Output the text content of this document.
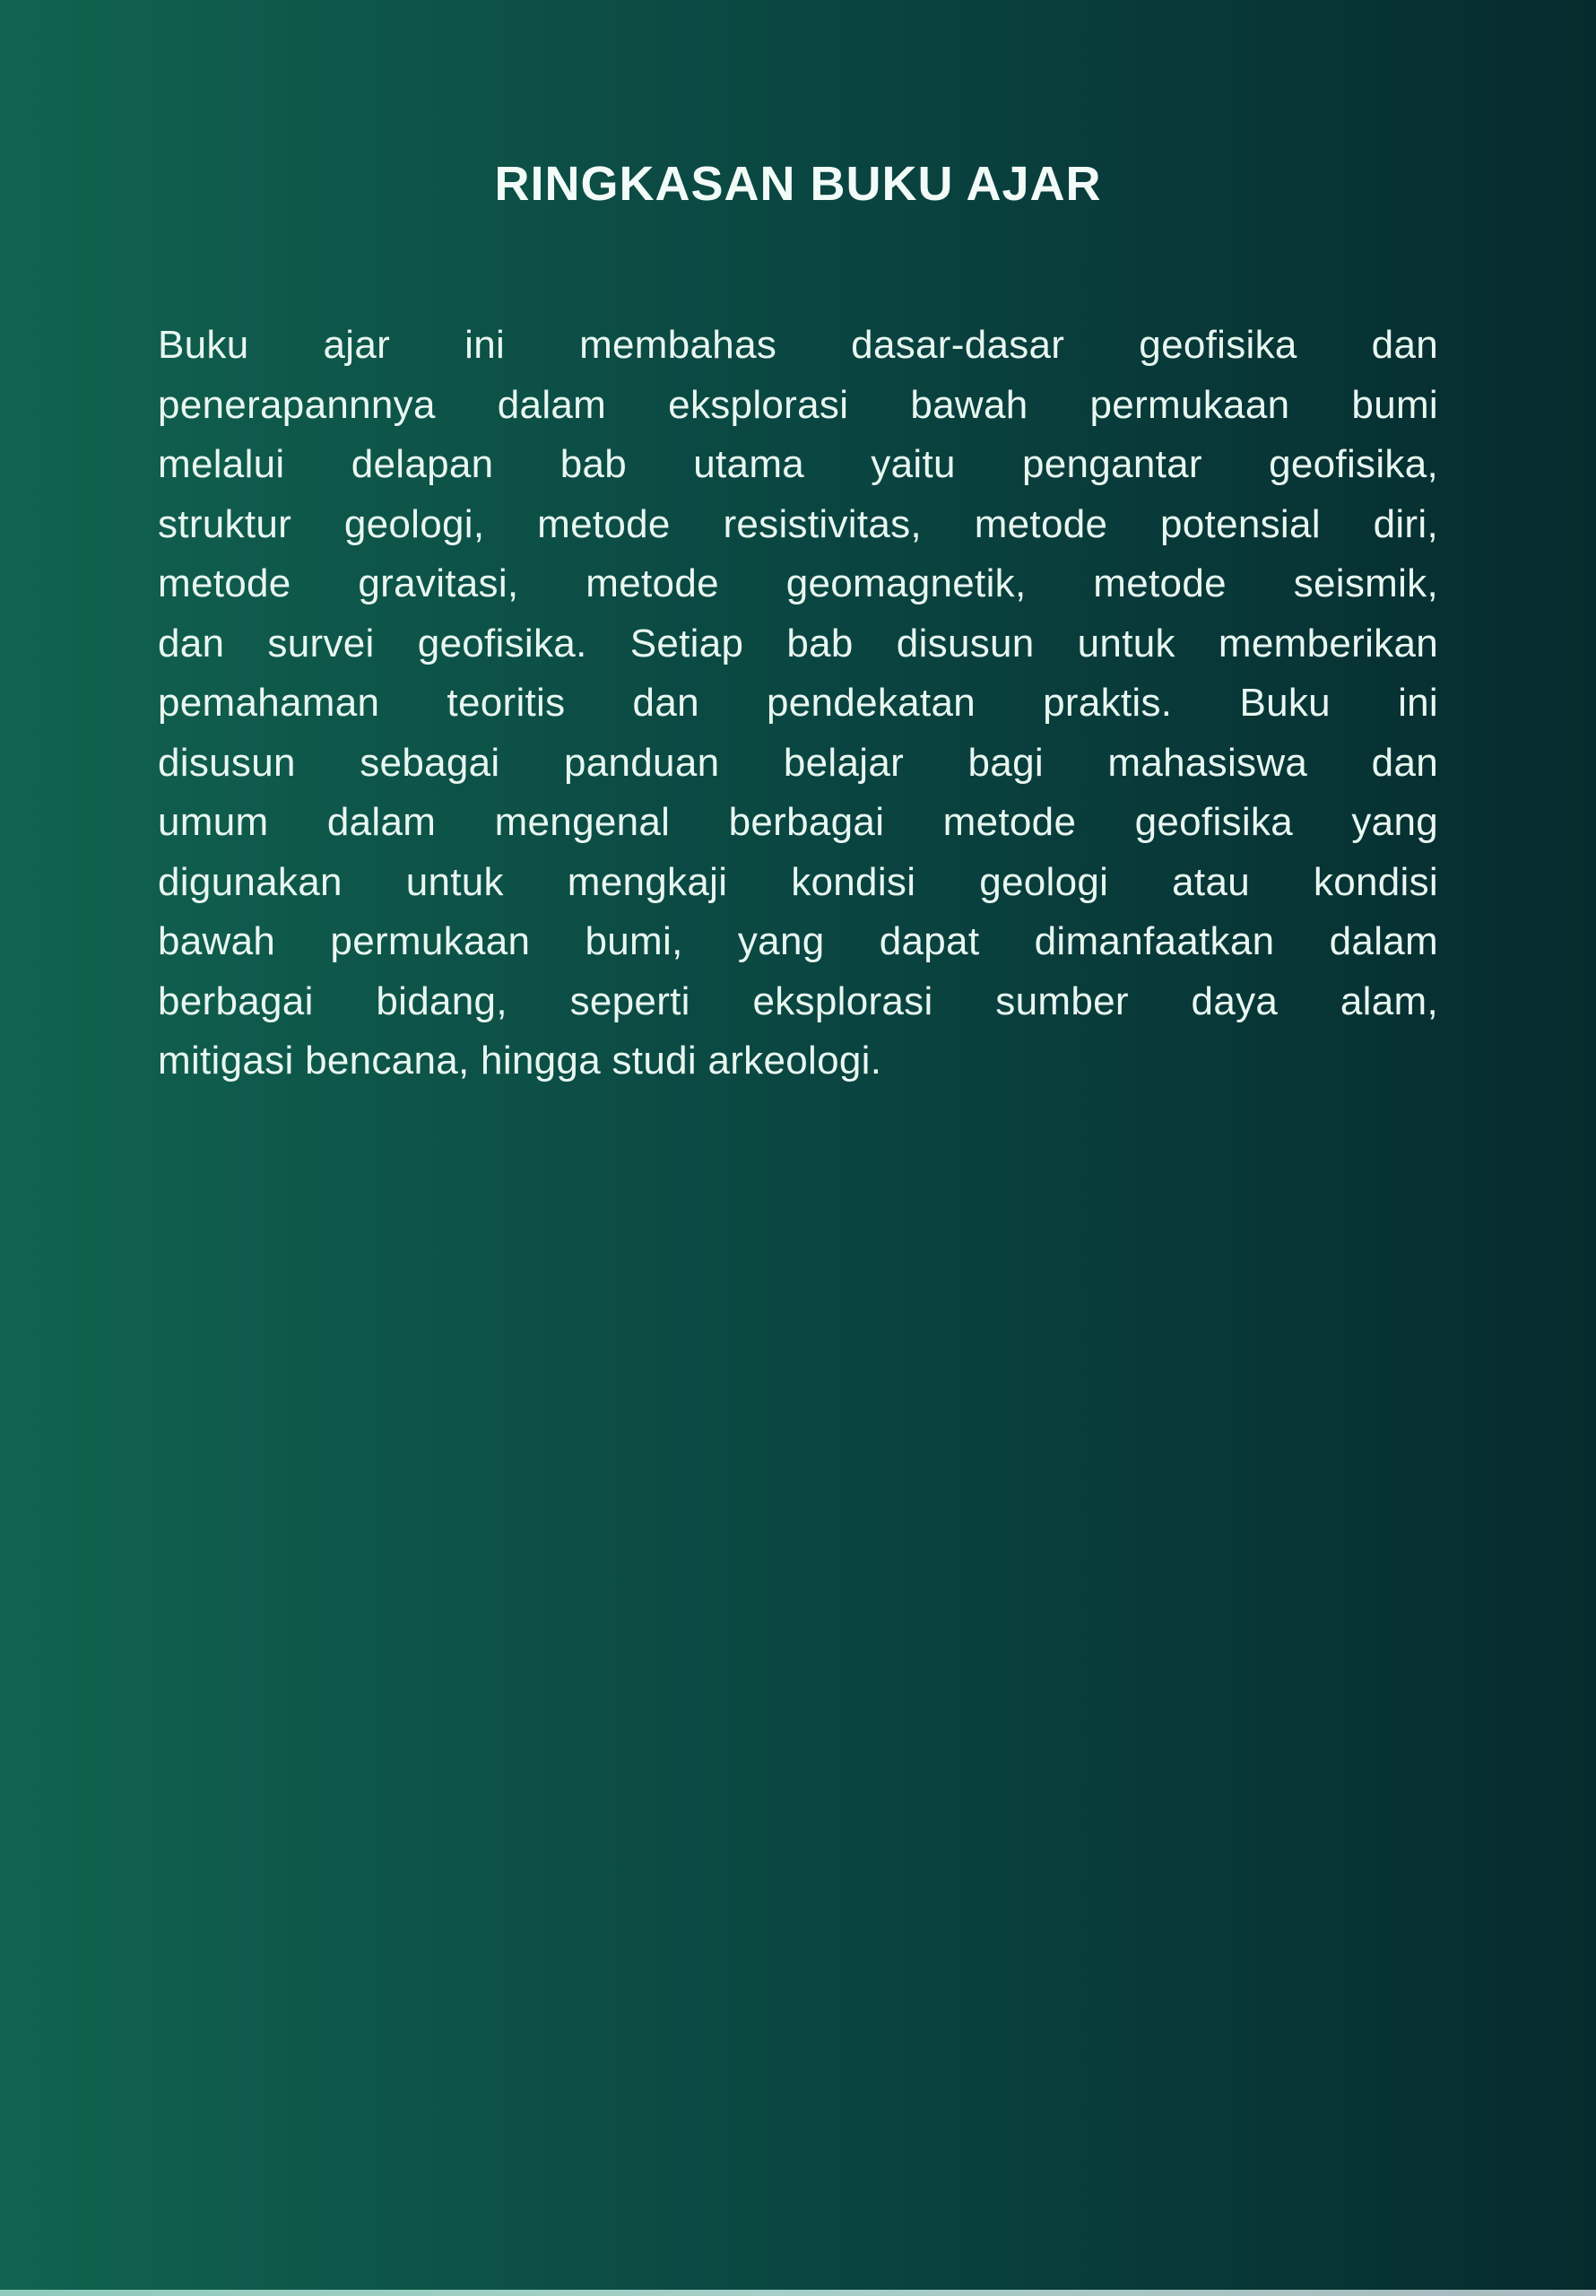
RINGKASAN BUKU AJAR
Buku ajar ini membahas dasar-dasar geofisika dan
penerapannnya dalam eksplorasi bawah permukaan bumi
melalui delapan bab utama yaitu pengantar geofisika,
struktur geologi, metode resistivitas, metode potensial diri,
metode gravitasi, metode geomagnetik, metode seismik,
dan survei geofisika. Setiap bab disusun untuk memberikan
pemahaman teoritis dan pendekatan praktis. Buku ini
disusun sebagai panduan belajar bagi mahasiswa dan
umum dalam mengenal berbagai metode geofisika yang
digunakan untuk mengkaji kondisi geologi atau kondisi
bawah permukaan bumi, yang dapat dimanfaatkan dalam
berbagai bidang, seperti eksplorasi sumber daya alam,
mitigasi bencana, hingga studi arkeologi.
